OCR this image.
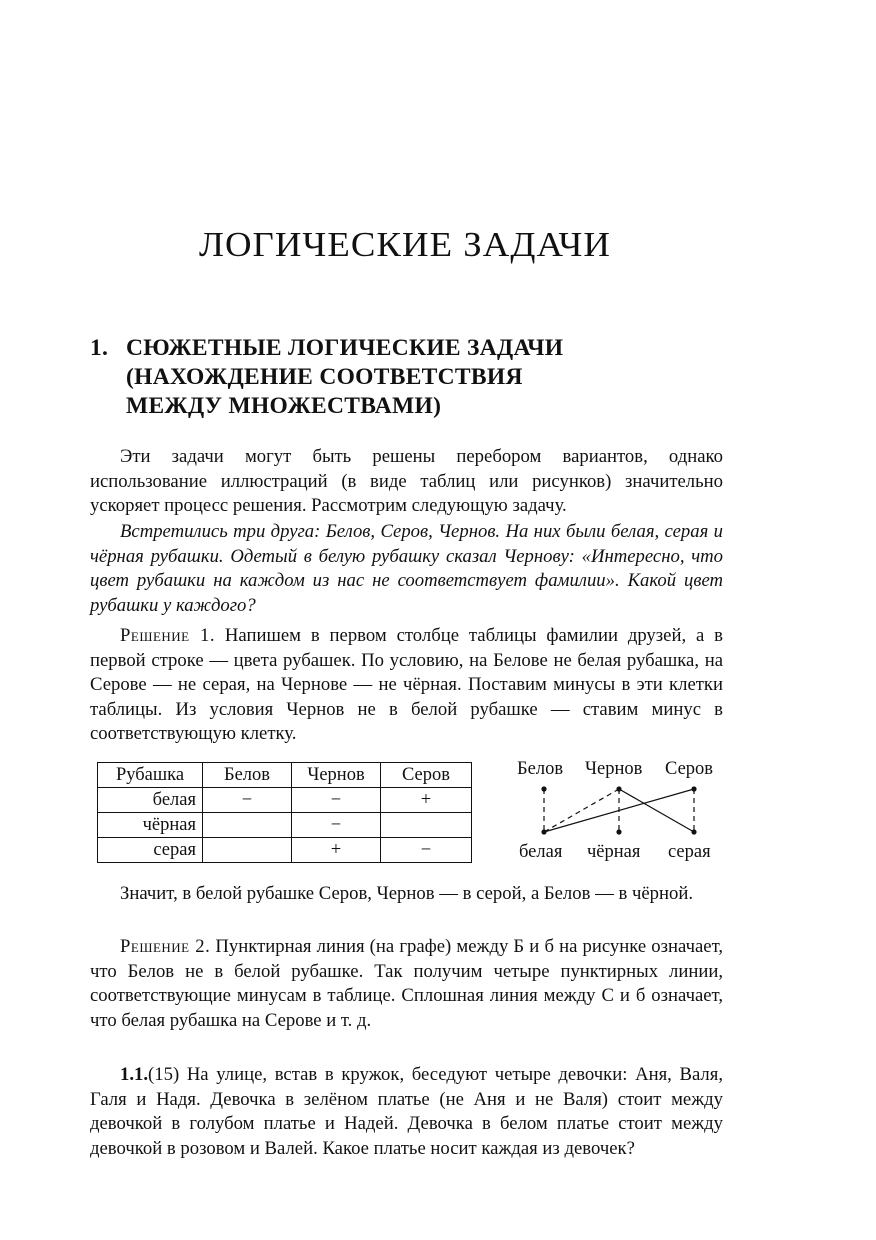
ЛОГИЧЕСКИЕ ЗАДАЧИ
1. СЮЖЕТНЫЕ ЛОГИЧЕСКИЕ ЗАДАЧИ
(НАХОЖДЕНИЕ СООТВЕТСТВИЯ
МЕЖДУ МНОЖЕСТВАМИ)

Эти задачи могут быть решены перебором вариантов, однако использование иллюстраций (в виде таблиц или рисунков) значительно ускоряет процесс решения. Рассмотрим следующую задачу.

Встретились три друга: Белов, Серов, Чернов. На них были белая, серая и чёрная рубашки. Одетый в белую рубашку сказал Чернову: «Интересно, что цвет рубашки на каждом из нас не соответствует фамилии». Какой цвет рубашки у каждого?

Решение 1. Напишем в первом столбце таблицы фамилии друзей, а в первой строке — цвета рубашек. По условию, на Белове не белая рубашка, на Серове — не серая, на Чернове — не чёрная. Поставим минусы в эти клетки таблицы. Из условия Чернов не в белой рубашке — ставим минус в соответствующую клетку.

Рубашка	Белов	Чернов	Серов
белая	−	−	+
чёрная		−	
серая		+	−
Белов Чернов Серов
белая чёрная серая

Значит, в белой рубашке Серов, Чернов — в серой, а Белов — в чёрной.

Решение 2. Пунктирная линия (на графе) между Б и б на рисунке означает, что Белов не в белой рубашке. Так получим четыре пунктирных линии, соответствующие минусам в таблице. Сплошная линия между С и б означает, что белая рубашка на Серове и т. д.

1.1.(15) На улице, встав в кружок, беседуют четыре девочки: Аня, Валя, Галя и Надя. Девочка в зелёном платье (не Аня и не Валя) стоит между девочкой в голубом платье и Надей. Девочка в белом платье стоит между девочкой в розовом и Валей. Какое платье носит каждая из девочек?
